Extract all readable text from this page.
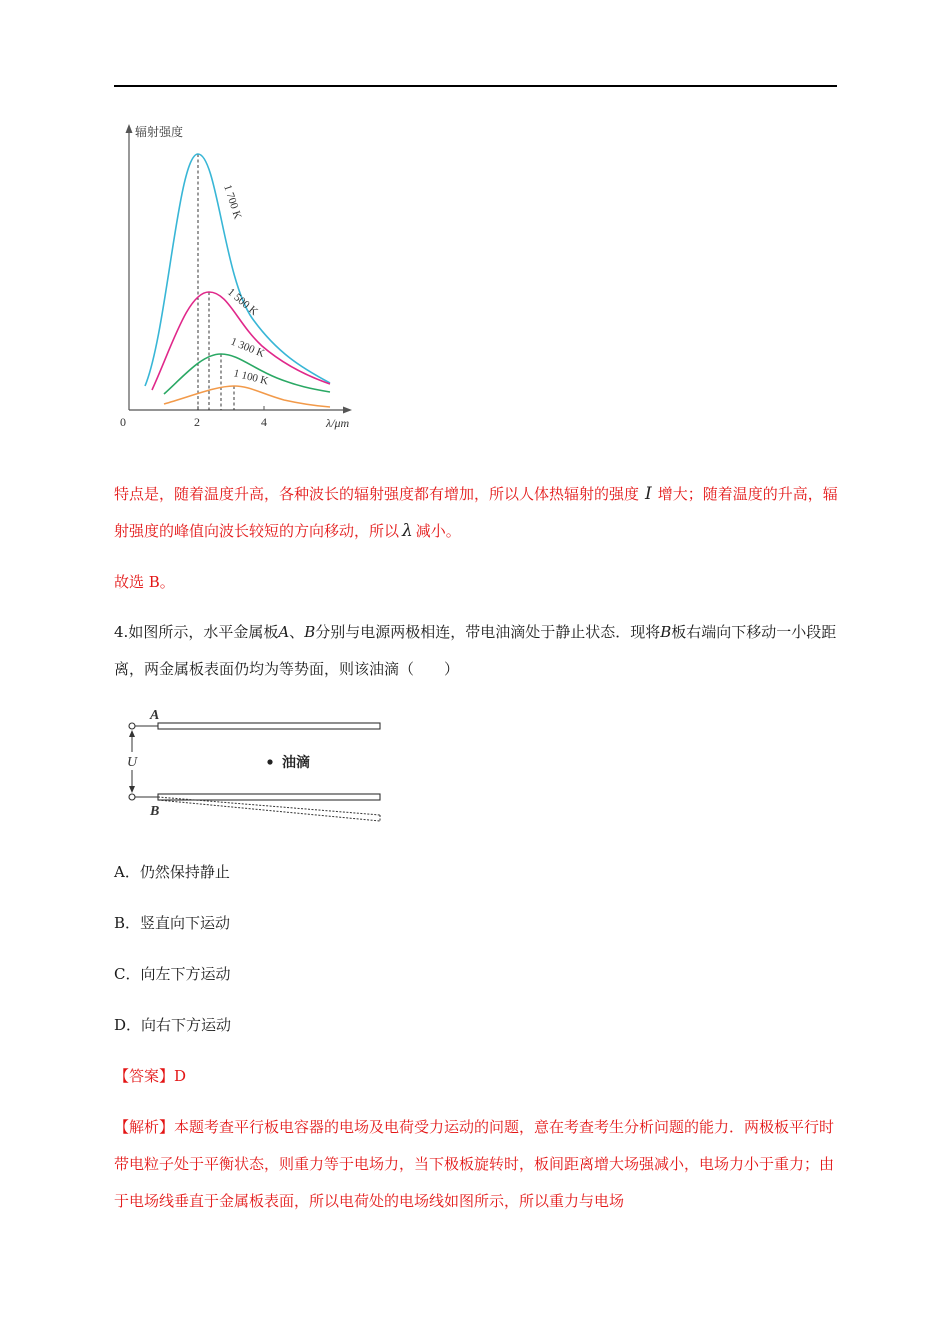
辐射强度
λ/μm
0	2	4
1 700 K
1 500 K
1 300 K
1 100 K
特点是，随着温度升高，各种波长的辐射强度都有增加，所以人体热辐射的强度 I 增大；随着温度的升高，辐射强度的峰值向波长较短的方向移动，所以 λ 减小。
故选 B。
4.如图所示，水平金属板A、B分别与电源两极相连，带电油滴处于静止状态．现将B板右端向下移动一小段距离，两金属板表面仍均为等势面，则该油滴（　　）
U
A
B
油滴
A．仍然保持静止
B．竖直向下运动
C．向左下方运动
D．向右下方运动
【答案】D
【解析】本题考查平行板电容器的电场及电荷受力运动的问题，意在考查考生分析问题的能力．两极板平行时带电粒子处于平衡状态，则重力等于电场力，当下极板旋转时，板间距离增大场强减小，电场力小于重力；由于电场线垂直于金属板表面，所以电荷处的电场线如图所示，所以重力与电场
